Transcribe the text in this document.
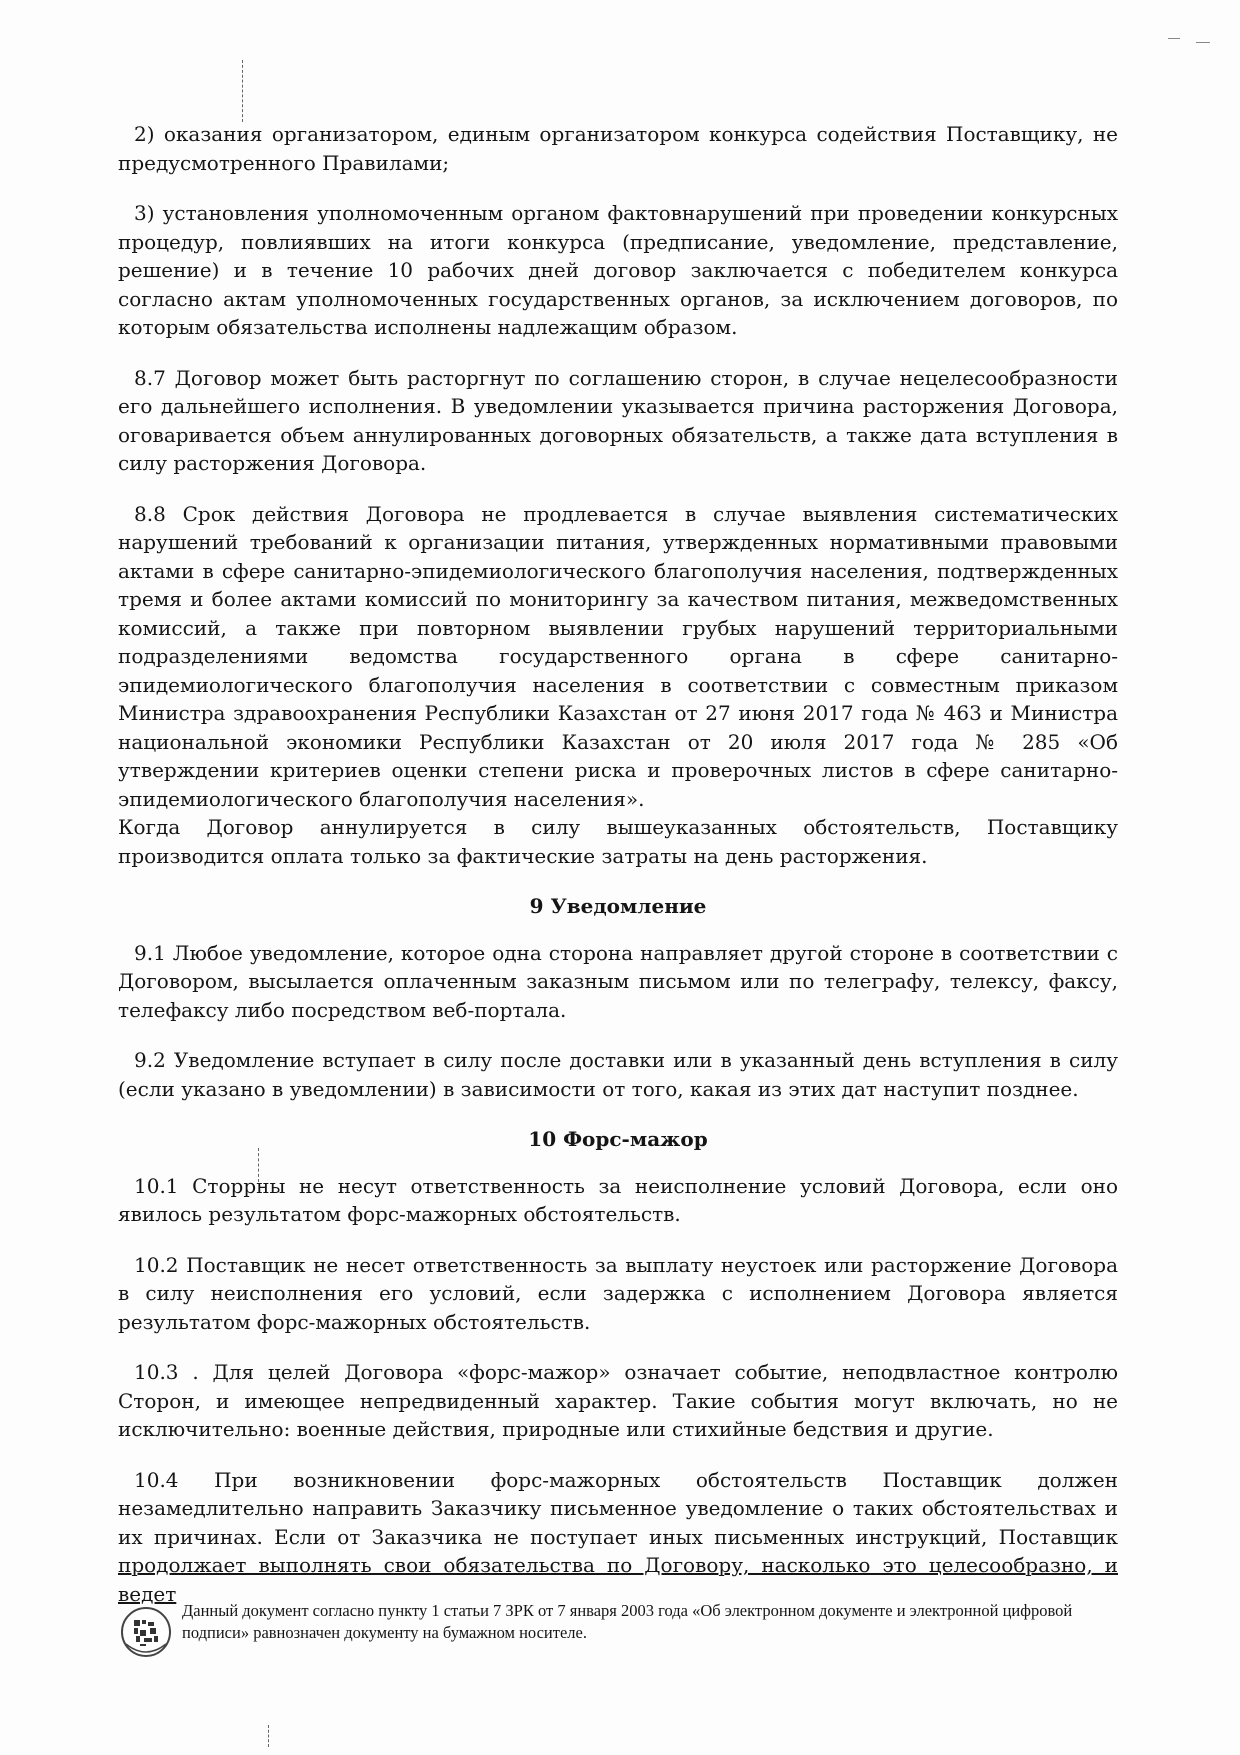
2) оказания организатором, единым организатором конкурса содействия Поставщику, не предусмотренного Правилами;

3) установления уполномоченным органом фактовнарушений при проведении конкурсных процедур, повлиявших на итоги конкурса (предписание, уведомление, представление, решение) и в течение 10 рабочих дней договор заключается с победителем конкурса согласно актам уполномоченных государственных органов, за исключением договоров, по которым обязательства исполнены надлежащим образом.

8.7 Договор может быть расторгнут по соглашению сторон, в случае нецелесообразности его дальнейшего исполнения. В уведомлении указывается причина расторжения Договора, оговаривается объем аннулированных договорных обязательств, а также дата вступления в силу расторжения Договора.

8.8 Срок действия Договора не продлевается в случае выявления систематических нарушений требований к организации питания, утвержденных нормативными правовыми актами в сфере санитарно-эпидемиологического благополучия населения, подтвержденных тремя и более актами комиссий по мониторингу за качеством питания, межведомственных комиссий, а также при повторном выявлении грубых нарушений территориальными подразделениями ведомства государственного органа в сфере санитарно-эпидемиологического благополучия населения в соответствии с совместным приказом Министра здравоохранения Республики Казахстан от 27 июня 2017 года № 463 и Министра национальной экономики Республики Казахстан от 20 июля 2017 года № 285 «Об утверждении критериев оценки степени риска и проверочных листов в сфере санитарно-эпидемиологического благополучия населения».

Когда Договор аннулируется в силу вышеуказанных обстоятельств, Поставщику производится оплата только за фактические затраты на день расторжения.

9 Уведомление

9.1 Любое уведомление, которое одна сторона направляет другой стороне в соответствии с Договором, высылается оплаченным заказным письмом или по телеграфу, телексу, факсу, телефаксу либо посредством веб-портала.

9.2 Уведомление вступает в силу после доставки или в указанный день вступления в силу (если указано в уведомлении) в зависимости от того, какая из этих дат наступит позднее.

10 Форс-мажор

10.1 Сторрны не несут ответственность за неисполнение условий Договора, если оно явилось результатом форс-мажорных обстоятельств.

10.2 Поставщик не несет ответственность за выплату неустоек или расторжение Договора в силу неисполнения его условий, если задержка с исполнением Договора является результатом форс-мажорных обстоятельств.

10.3 . Для целей Договора «форс-мажор» означает событие, неподвластное контролю Сторон, и имеющее непредвиденный характер. Такие события могут включать, но не исключительно: военные действия, природные или стихийные бедствия и другие.

10.4 При возникновении форс-мажорных обстоятельств Поставщик должен незамедлительно направить Заказчику письменное уведомление о таких обстоятельствах и их причинах. Если от Заказчика не поступает иных письменных инструкций, Поставщик продолжает выполнять свои обязательства по Договору, насколько это целесообразно, и ведет

Данный документ согласно пункту 1 статьи 7 ЗРК от 7 января 2003 года «Об электронном документе и электронной цифровой подписи» равнозначен документу на бумажном носителе.
